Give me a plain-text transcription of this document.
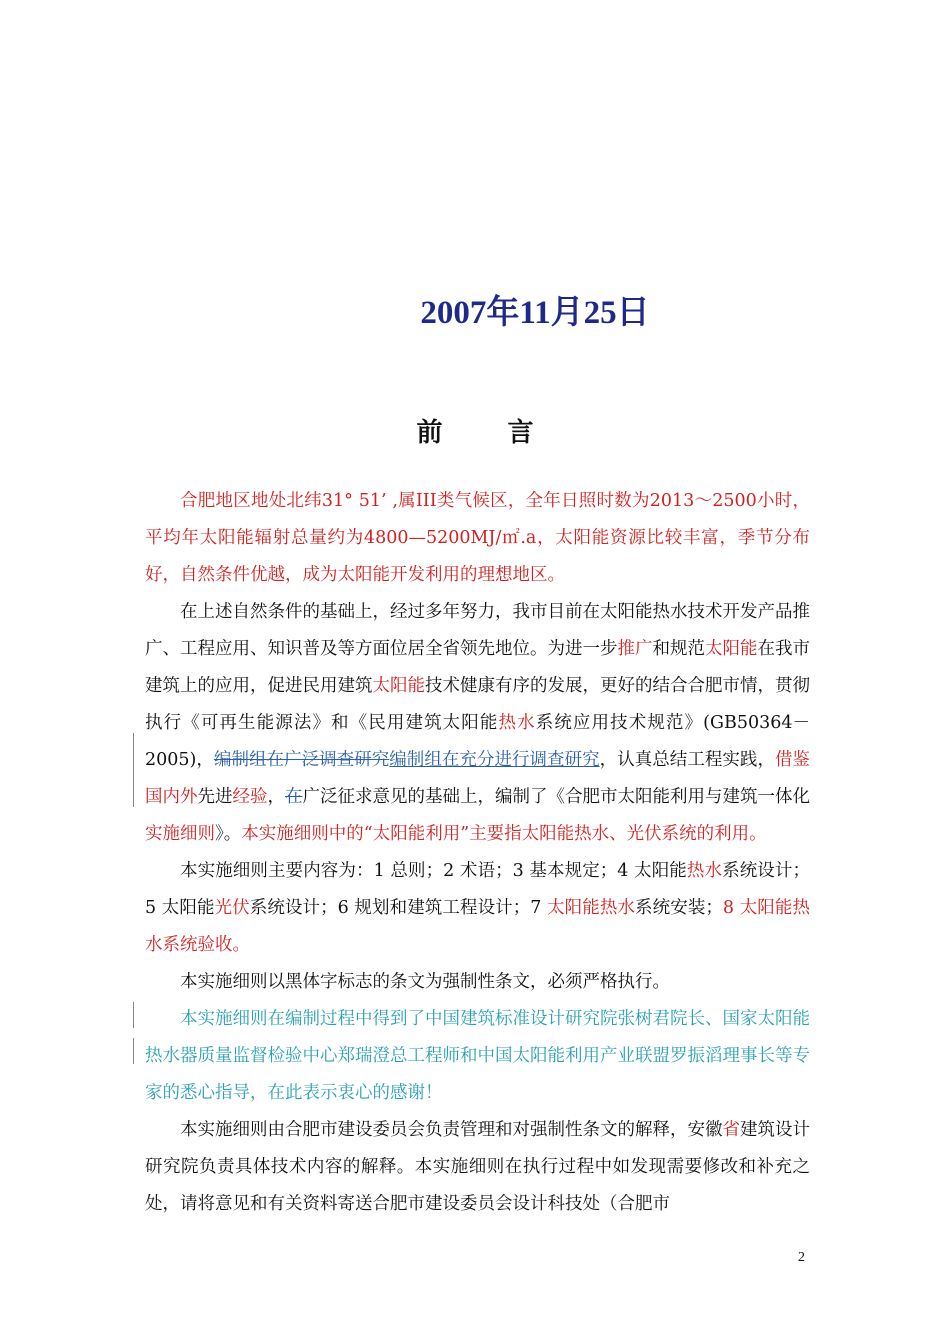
2007年11月25日
前 言

合肥地区地处北纬31° 51’ ,属III类气候区，全年日照时数为2013～2500小时，平均年太阳能辐射总量约为4800—5200MJ/㎡.a，太阳能资源比较丰富，季节分布好，自然条件优越，成为太阳能开发利用的理想地区。

在上述自然条件的基础上，经过多年努力，我市目前在太阳能热水技术开发产品推广、工程应用、知识普及等方面位居全省领先地位。为进一步推广和规范太阳能在我市建筑上的应用，促进民用建筑太阳能技术健康有序的发展，更好的结合合肥市情，贯彻执行《可再生能源法》和《民用建筑太阳能热水系统应用技术规范》(GB50364－2005)，编制组在广泛调查研究编制组在充分进行调查研究，认真总结工程实践，借鉴国内外先进经验，在广泛征求意见的基础上，编制了《合肥市太阳能利用与建筑一体化实施细则》。本实施细则中的“太阳能利用”主要指太阳能热水、光伏系统的利用。

本实施细则主要内容为：1 总则；2 术语；3 基本规定；4 太阳能热水系统设计；5 太阳能光伏系统设计；6 规划和建筑工程设计；7 太阳能热水系统安装；8 太阳能热水系统验收。

本实施细则以黑体字标志的条文为强制性条文，必须严格执行。

本实施细则在编制过程中得到了中国建筑标准设计研究院张树君院长、国家太阳能热水器质量监督检验中心郑瑞澄总工程师和中国太阳能利用产业联盟罗振滔理事长等专家的悉心指导，在此表示衷心的感谢！

本实施细则由合肥市建设委员会负责管理和对强制性条文的解释，安徽省建筑设计研究院负责具体技术内容的解释。本实施细则在执行过程中如发现需要修改和补充之处，请将意见和有关资料寄送合肥市建设委员会设计科技处（合肥市

2
